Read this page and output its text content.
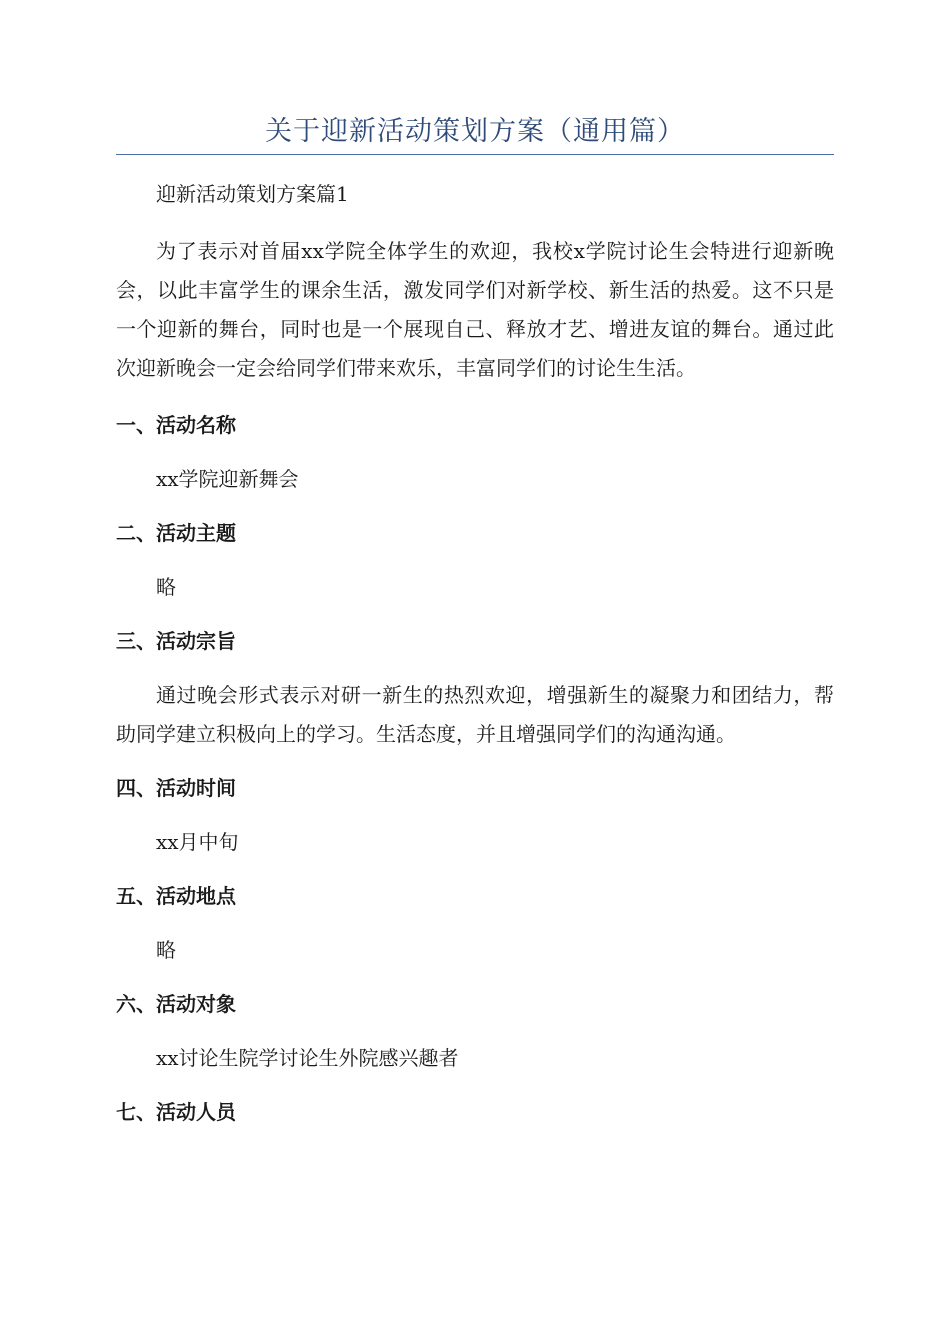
关于迎新活动策划方案（通用篇）

迎新活动策划方案篇1

为了表示对首届xx学院全体学生的欢迎，我校x学院讨论生会特进行迎新晚会，以此丰富学生的课余生活，激发同学们对新学校、新生活的热爱。这不只是一个迎新的舞台，同时也是一个展现自己、释放才艺、增进友谊的舞台。通过此次迎新晚会一定会给同学们带来欢乐，丰富同学们的讨论生生活。

一、活动名称

xx学院迎新舞会

二、活动主题

略

三、活动宗旨

通过晚会形式表示对研一新生的热烈欢迎，增强新生的凝聚力和团结力，帮助同学建立积极向上的学习。生活态度，并且增强同学们的沟通沟通。

四、活动时间

xx月中旬

五、活动地点

略

六、活动对象

xx讨论生院学讨论生外院感兴趣者

七、活动人员
